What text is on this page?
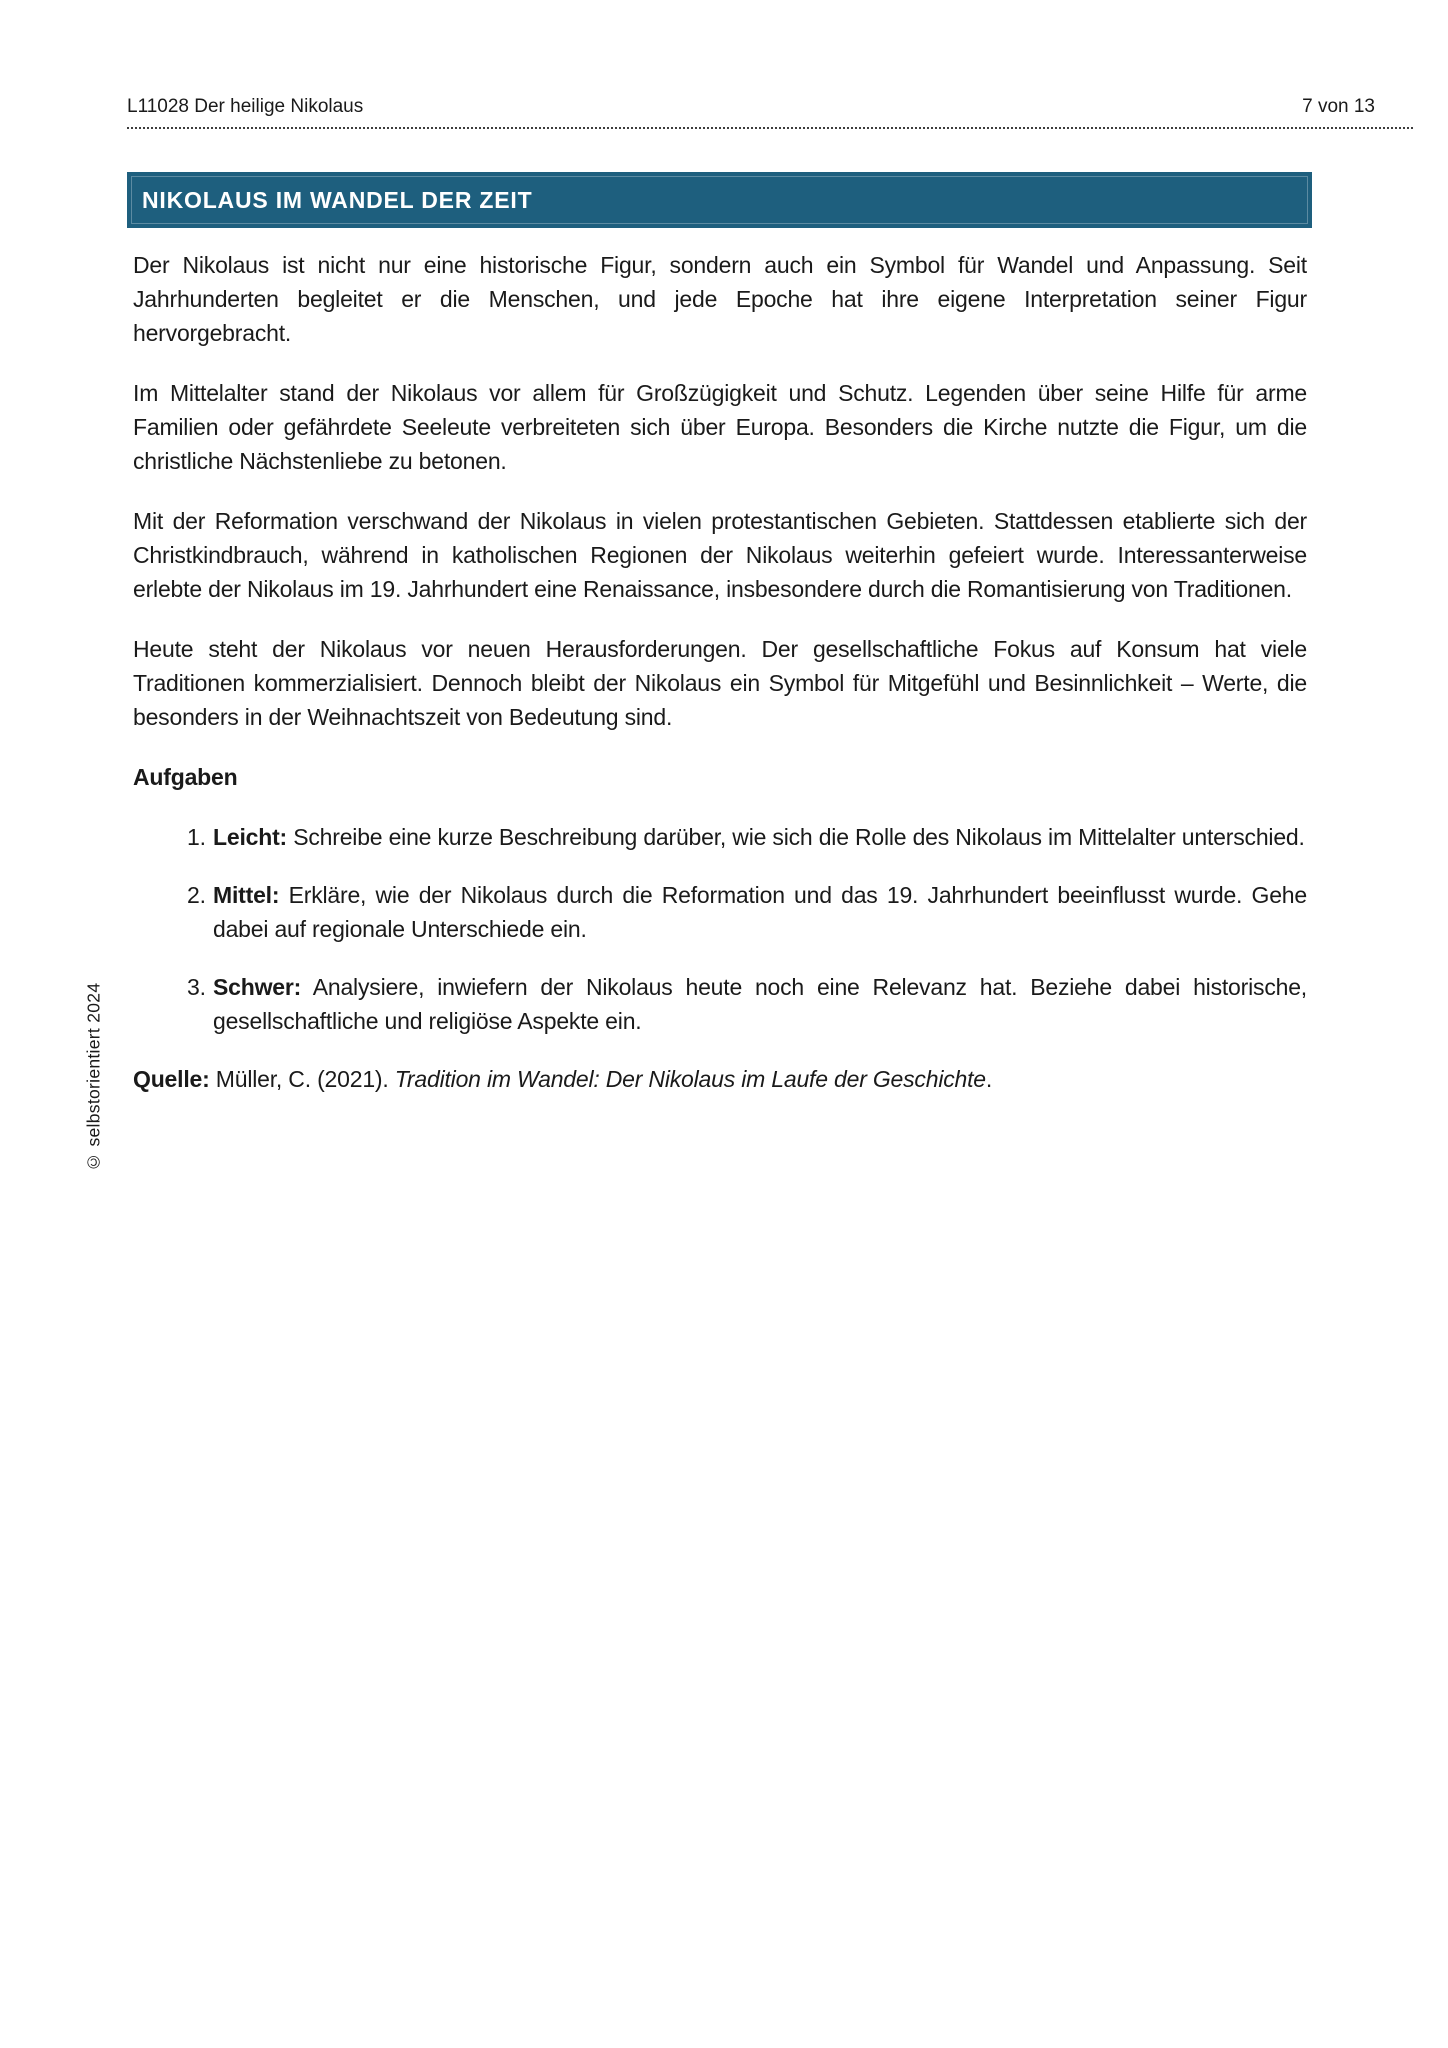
L11028 Der heilige Nikolaus	7 von 13
NIKOLAUS IM WANDEL DER ZEIT

Der Nikolaus ist nicht nur eine historische Figur, sondern auch ein Symbol für Wandel und Anpassung. Seit Jahrhunderten begleitet er die Menschen, und jede Epoche hat ihre eigene Interpretation seiner Figur hervorgebracht.

Im Mittelalter stand der Nikolaus vor allem für Großzügigkeit und Schutz. Legenden über seine Hilfe für arme Familien oder gefährdete Seeleute verbreiteten sich über Europa. Besonders die Kirche nutzte die Figur, um die christliche Nächstenliebe zu betonen.

Mit der Reformation verschwand der Nikolaus in vielen protestantischen Gebieten. Stattdessen etablierte sich der Christkindbrauch, während in katholischen Regionen der Nikolaus weiterhin gefeiert wurde. Interessanterweise erlebte der Nikolaus im 19. Jahrhundert eine Renaissance, insbesondere durch die Romantisierung von Traditionen.

Heute steht der Nikolaus vor neuen Herausforderungen. Der gesellschaftliche Fokus auf Konsum hat viele Traditionen kommerzialisiert. Dennoch bleibt der Nikolaus ein Symbol für Mitgefühl und Besinnlichkeit – Werte, die besonders in der Weihnachtszeit von Bedeutung sind.

Aufgaben

1. Leicht: Schreibe eine kurze Beschreibung darüber, wie sich die Rolle des Nikolaus im Mittelalter unterschied.
2. Mittel: Erkläre, wie der Nikolaus durch die Reformation und das 19. Jahrhundert beeinflusst wurde. Gehe dabei auf regionale Unterschiede ein.
3. Schwer: Analysiere, inwiefern der Nikolaus heute noch eine Relevanz hat. Beziehe dabei historische, gesellschaftliche und religiöse Aspekte ein.

Quelle: Müller, C. (2021). Tradition im Wandel: Der Nikolaus im Laufe der Geschichte.

© selbstorientiert 2024
